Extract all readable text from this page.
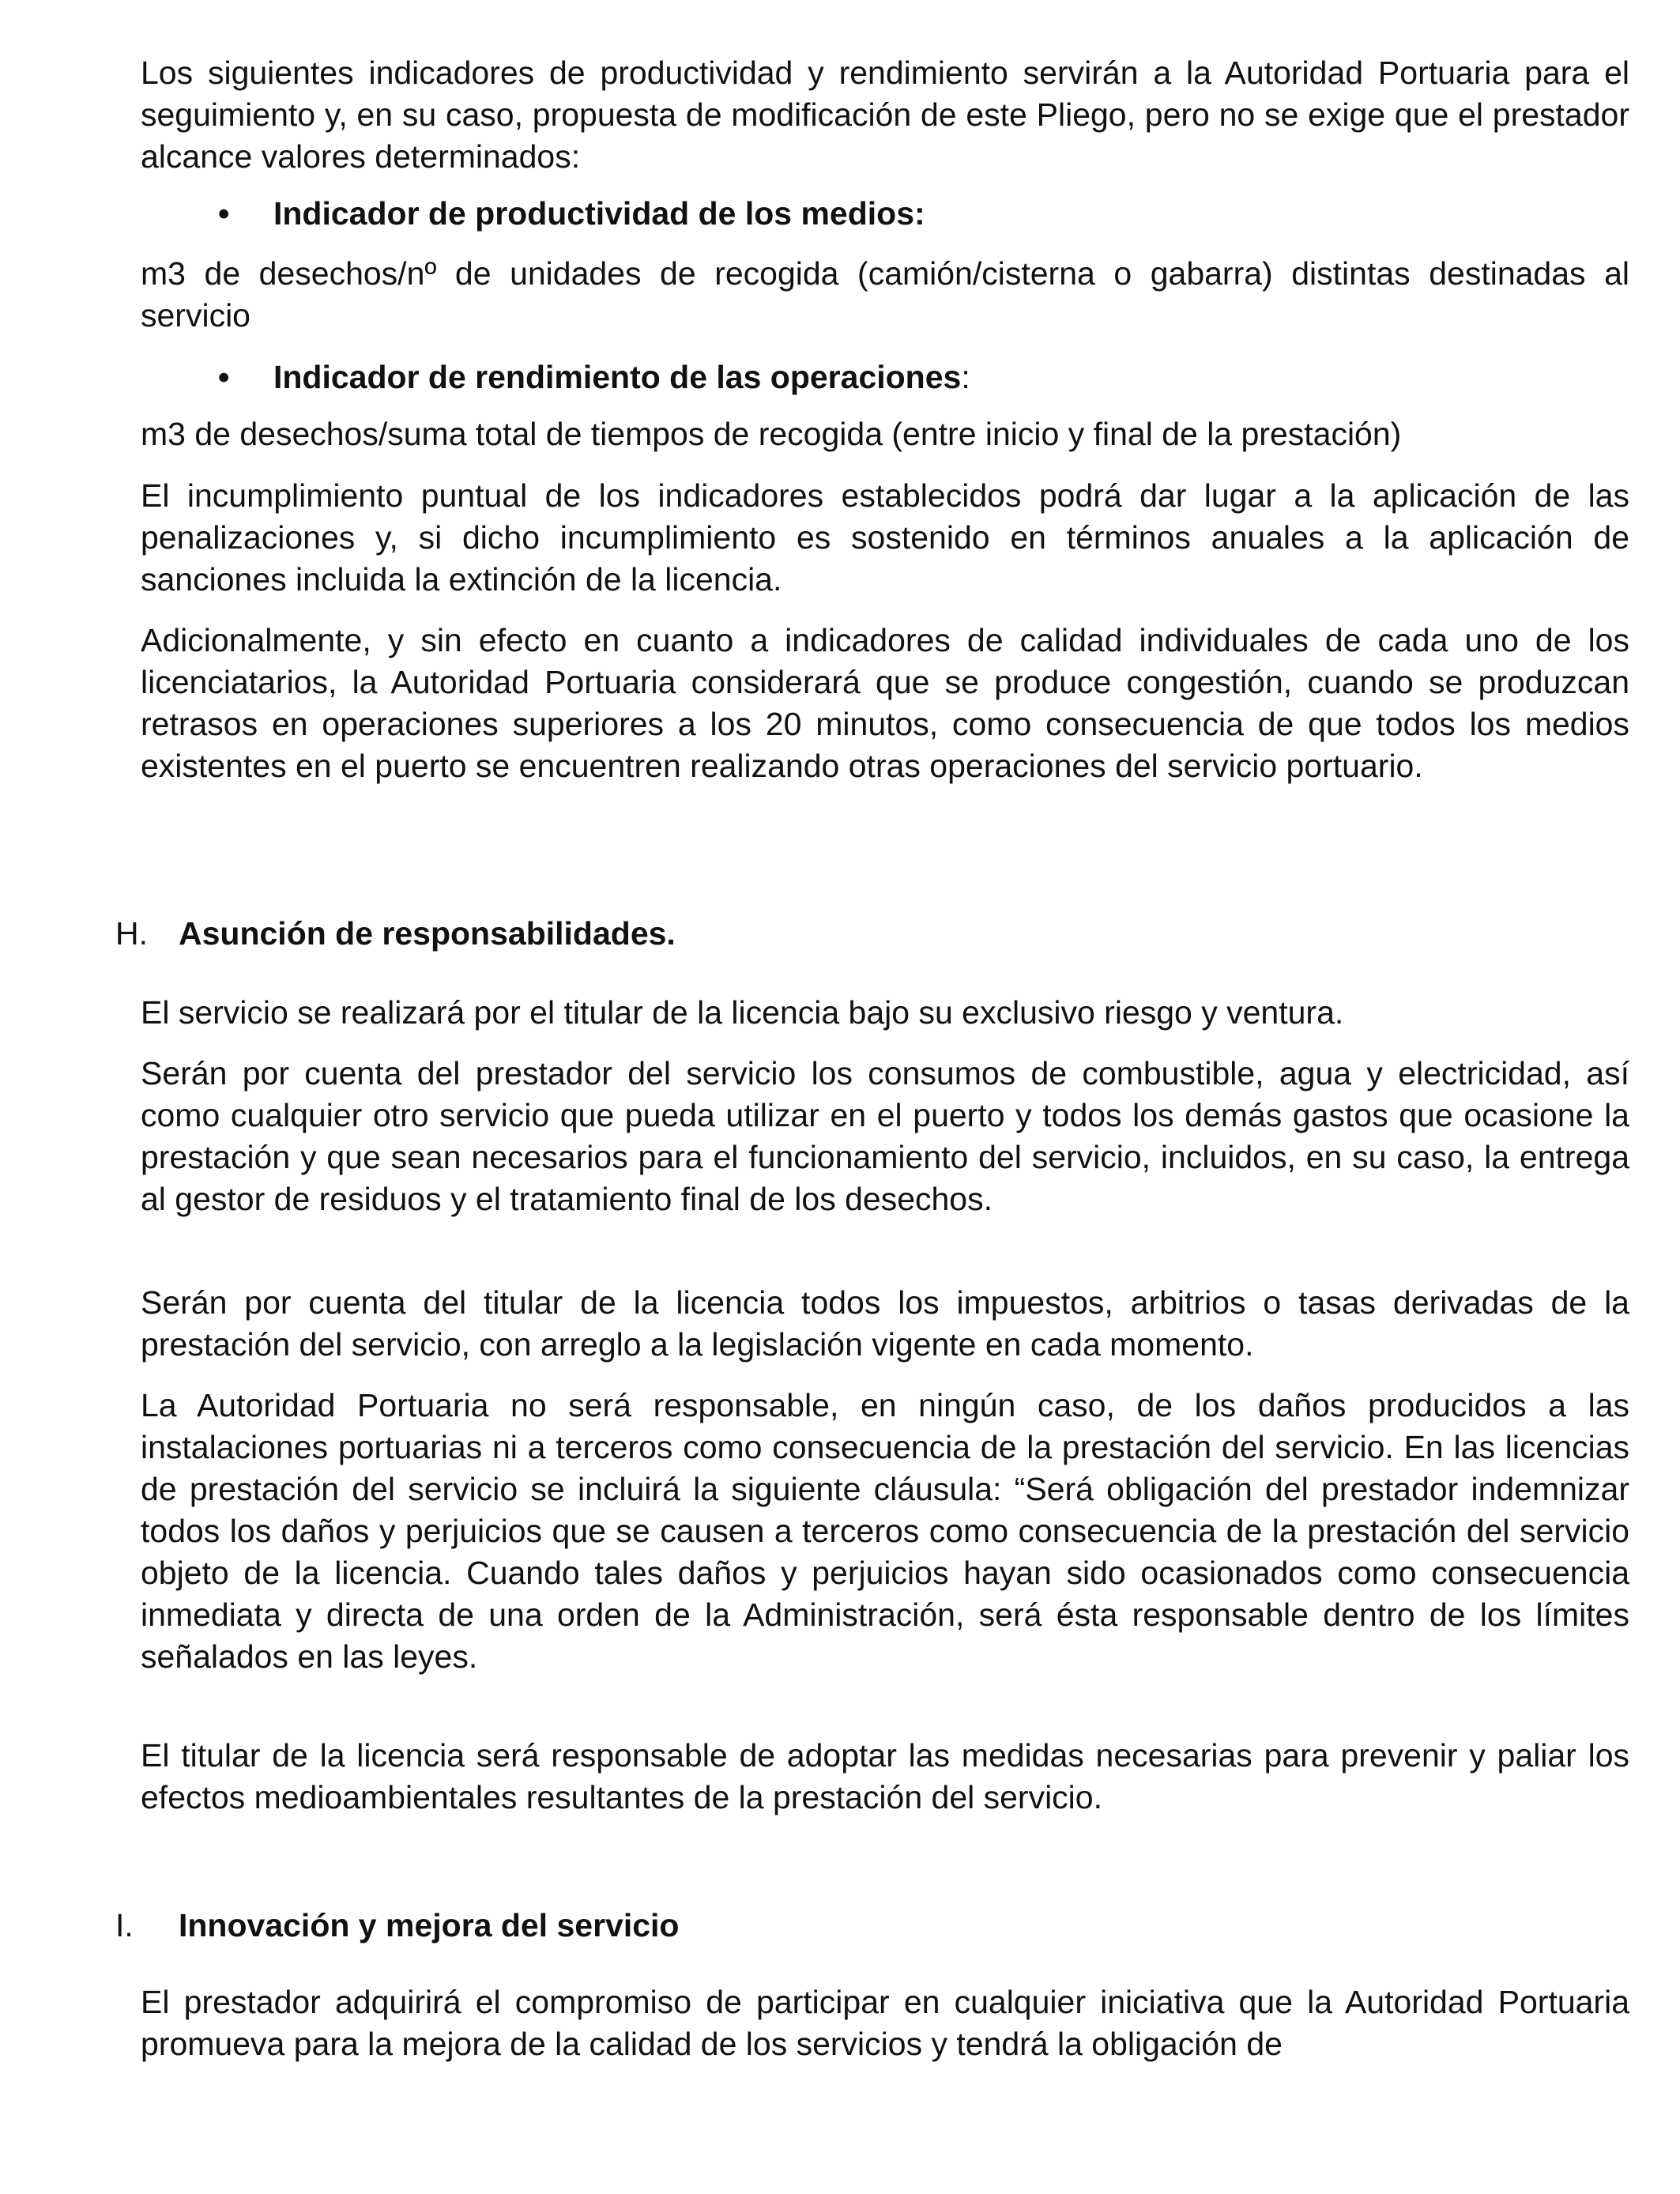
Los siguientes indicadores de productividad y rendimiento servirán a la Autoridad Portuaria para el seguimiento y, en su caso, propuesta de modificación de este Pliego, pero no se exige que el prestador alcance valores determinados:

• Indicador de productividad de los medios:

m3 de desechos/nº de unidades de recogida (camión/cisterna o gabarra) distintas destinadas al servicio

• Indicador de rendimiento de las operaciones:

m3 de desechos/suma total de tiempos de recogida (entre inicio y final de la prestación)

El incumplimiento puntual de los indicadores establecidos podrá dar lugar a la aplicación de las penalizaciones y, si dicho incumplimiento es sostenido en términos anuales a la aplicación de sanciones incluida la extinción de la licencia.

Adicionalmente, y sin efecto en cuanto a indicadores de calidad individuales de cada uno de los licenciatarios, la Autoridad Portuaria considerará que se produce congestión, cuando se produzcan retrasos en operaciones superiores a los 20 minutos, como consecuencia de que todos los medios existentes en el puerto se encuentren realizando otras operaciones del servicio portuario.

H. Asunción de responsabilidades.

El servicio se realizará por el titular de la licencia bajo su exclusivo riesgo y ventura.

Serán por cuenta del prestador del servicio los consumos de combustible, agua y electricidad, así como cualquier otro servicio que pueda utilizar en el puerto y todos los demás gastos que ocasione la prestación y que sean necesarios para el funcionamiento del servicio, incluidos, en su caso, la entrega al gestor de residuos y el tratamiento final de los desechos.

Serán por cuenta del titular de la licencia todos los impuestos, arbitrios o tasas derivadas de la prestación del servicio, con arreglo a la legislación vigente en cada momento.

La Autoridad Portuaria no será responsable, en ningún caso, de los daños producidos a las instalaciones portuarias ni a terceros como consecuencia de la prestación del servicio. En las licencias de prestación del servicio se incluirá la siguiente cláusula: “Será obligación del prestador indemnizar todos los daños y perjuicios que se causen a terceros como consecuencia de la prestación del servicio objeto de la licencia. Cuando tales daños y perjuicios hayan sido ocasionados como consecuencia inmediata y directa de una orden de la Administración, será ésta responsable dentro de los límites señalados en las leyes.

El titular de la licencia será responsable de adoptar las medidas necesarias para prevenir y paliar los efectos medioambientales resultantes de la prestación del servicio.

I. Innovación y mejora del servicio

El prestador adquirirá el compromiso de participar en cualquier iniciativa que la Autoridad Portuaria promueva para la mejora de la calidad de los servicios y tendrá la obligación de
